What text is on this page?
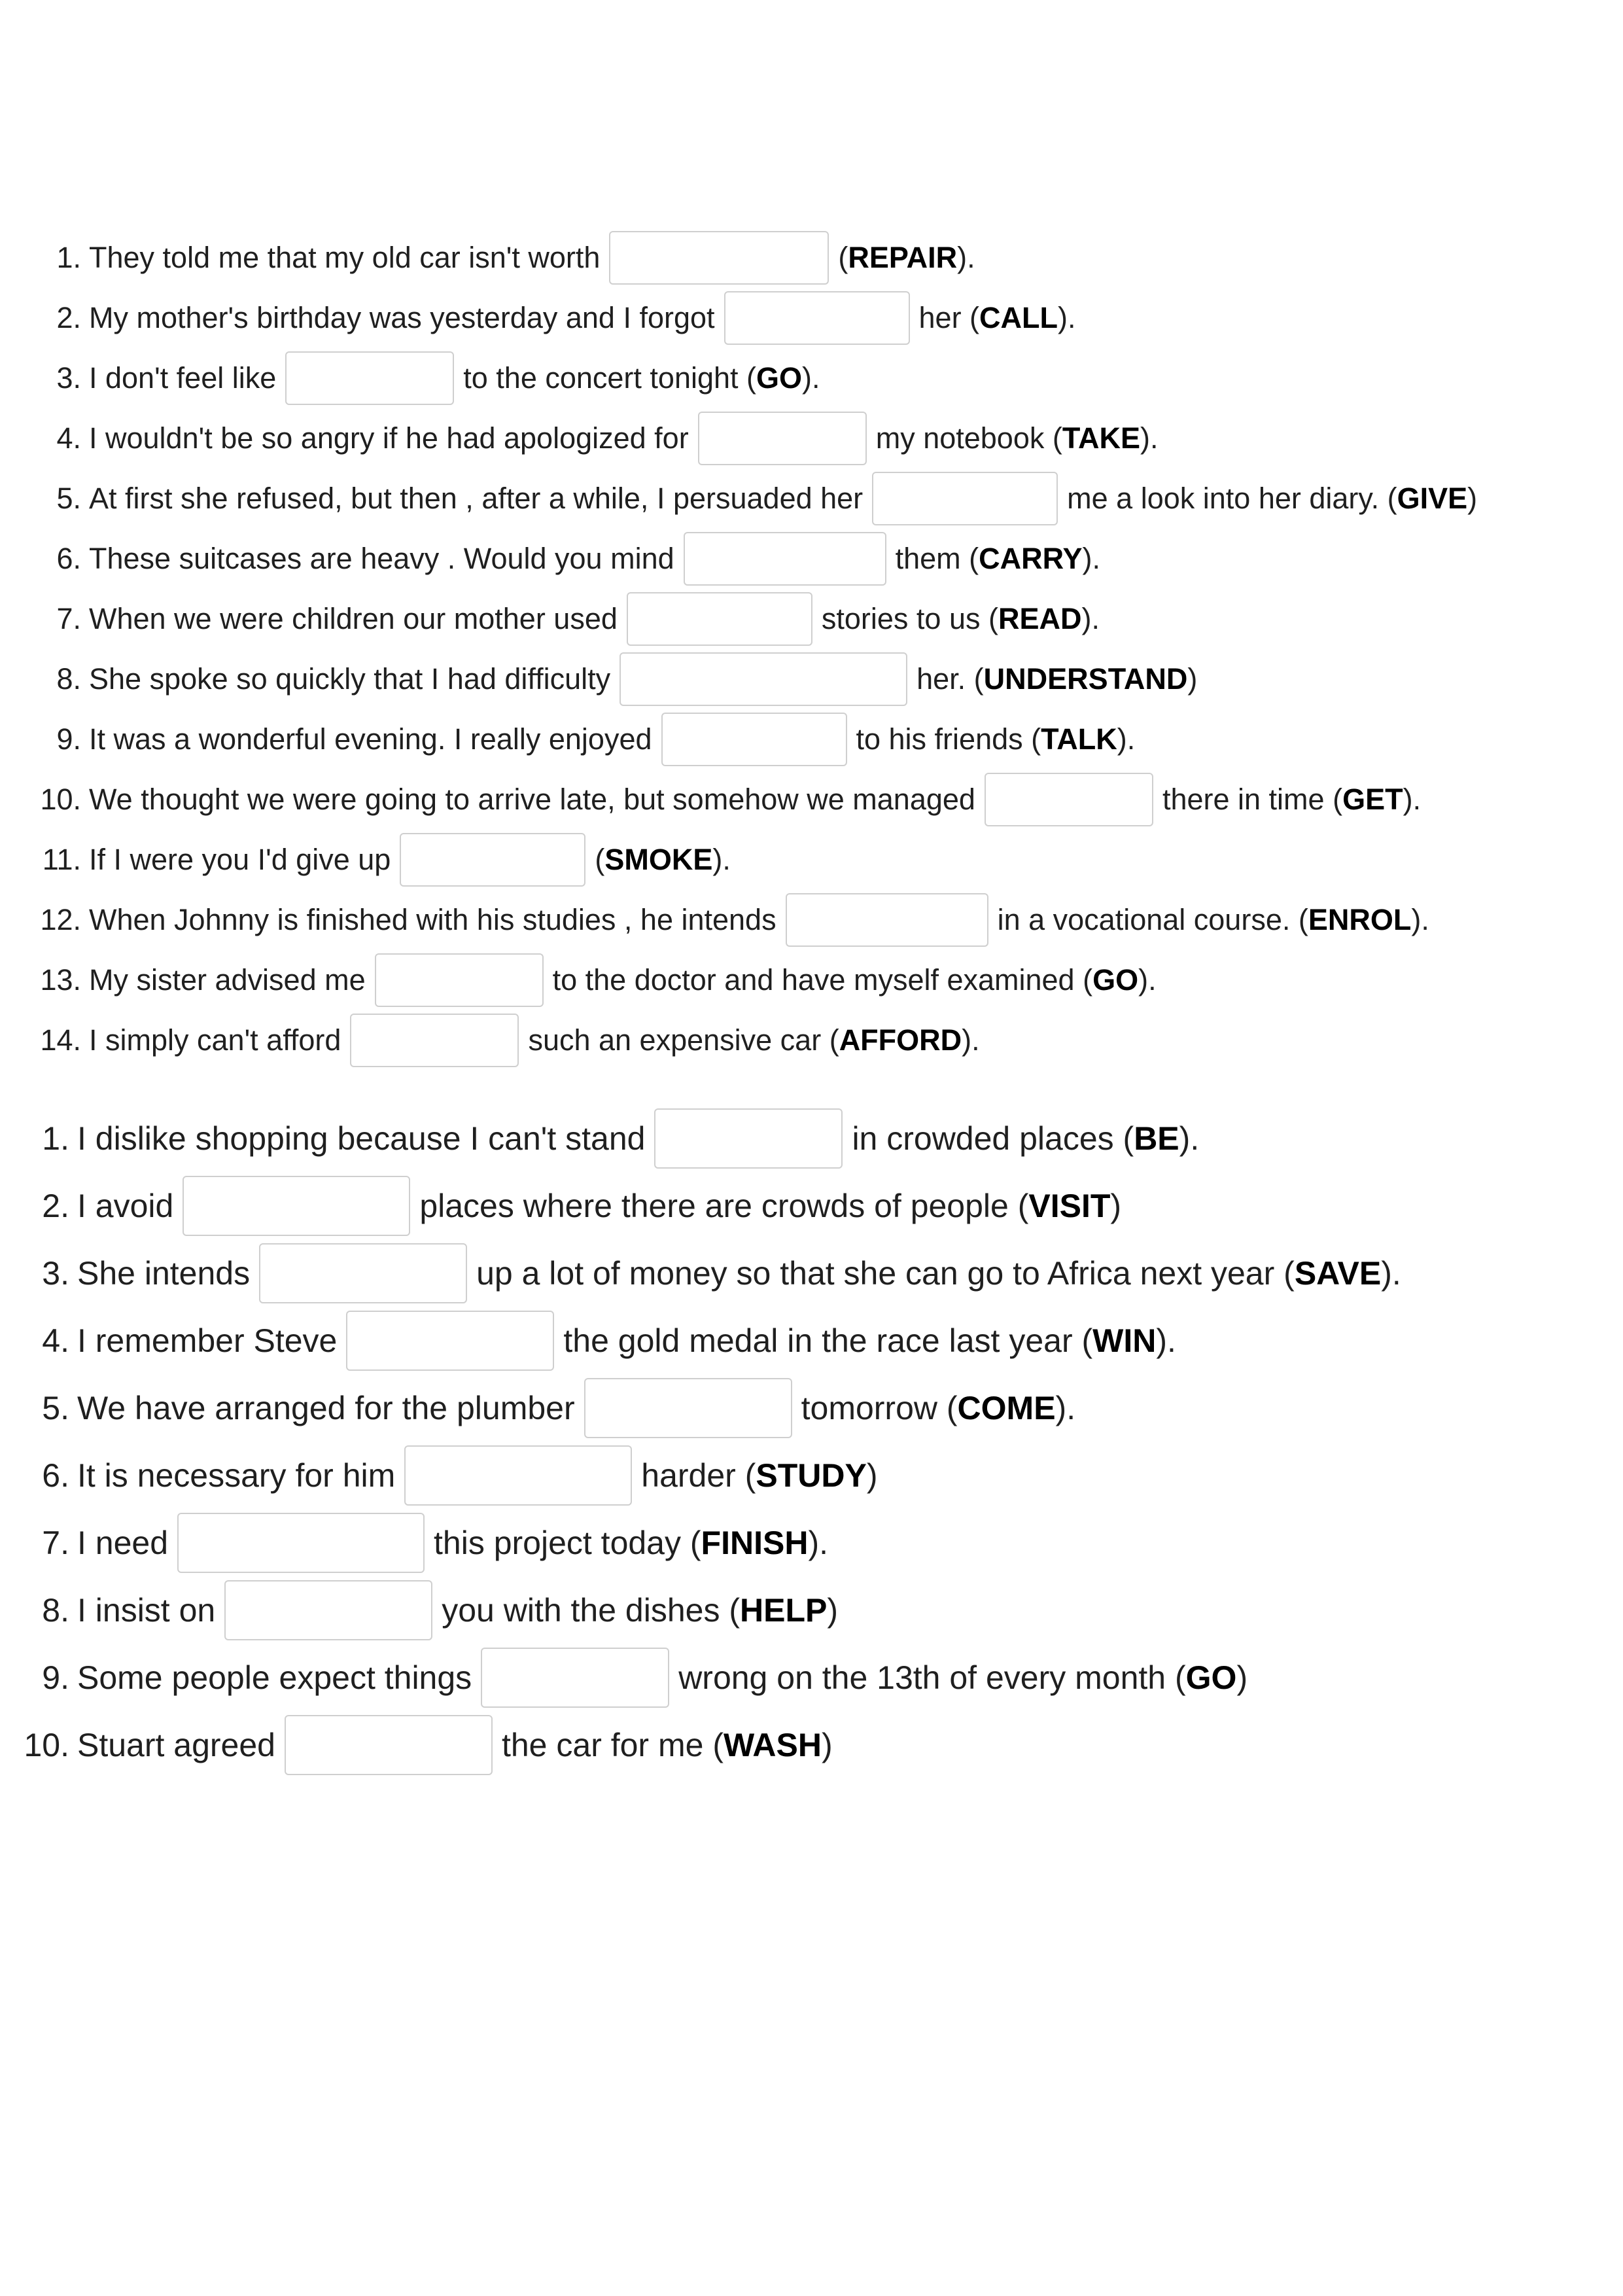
1. They told me that my old car isn't worth	( REPAIR ).
2. My mother's birthday was yesterday and I forgot	her ( CALL ).
3. I don't feel like	to the concert tonight ( GO ).
4. I wouldn't be so angry if he had apologized for	my notebook ( TAKE ).
5. At first she refused, but then , after a while, I persuaded her	me a look into her diary. ( GIVE )
6. These suitcases are heavy . Would you mind	them ( CARRY ).
7. When we were children our mother used	stories to us ( READ ).
8. She spoke so quickly that I had difficulty	her. ( UNDERSTAND )
9. It was a wonderful evening. I really enjoyed	to his friends ( TALK ).
10. We thought we were going to arrive late, but somehow we managed	there in time ( GET ).
11. If I were you I'd give up	( SMOKE ).
12. When Johnny is finished with his studies , he intends	in a vocational course. ( ENROL ).
13. My sister advised me	to the doctor and have myself examined ( GO ).
14. I simply can't afford	such an expensive car ( AFFORD ).
1. I dislike shopping because I can't stand	in crowded places ( BE ).
2. I avoid	places where there are crowds of people ( VISIT )
3. She intends	up a lot of money so that she can go to Africa next year ( SAVE ).
4. I remember Steve	the gold medal in the race last year ( WIN ).
5. We have arranged for the plumber	tomorrow ( COME ).
6. It is necessary for him	harder ( STUDY )
7. I need	this project today ( FINISH ).
8. I insist on	you with the dishes ( HELP )
9. Some people expect things	wrong on the 13th of every month ( GO )
10. Stuart agreed	the car for me ( WASH )
